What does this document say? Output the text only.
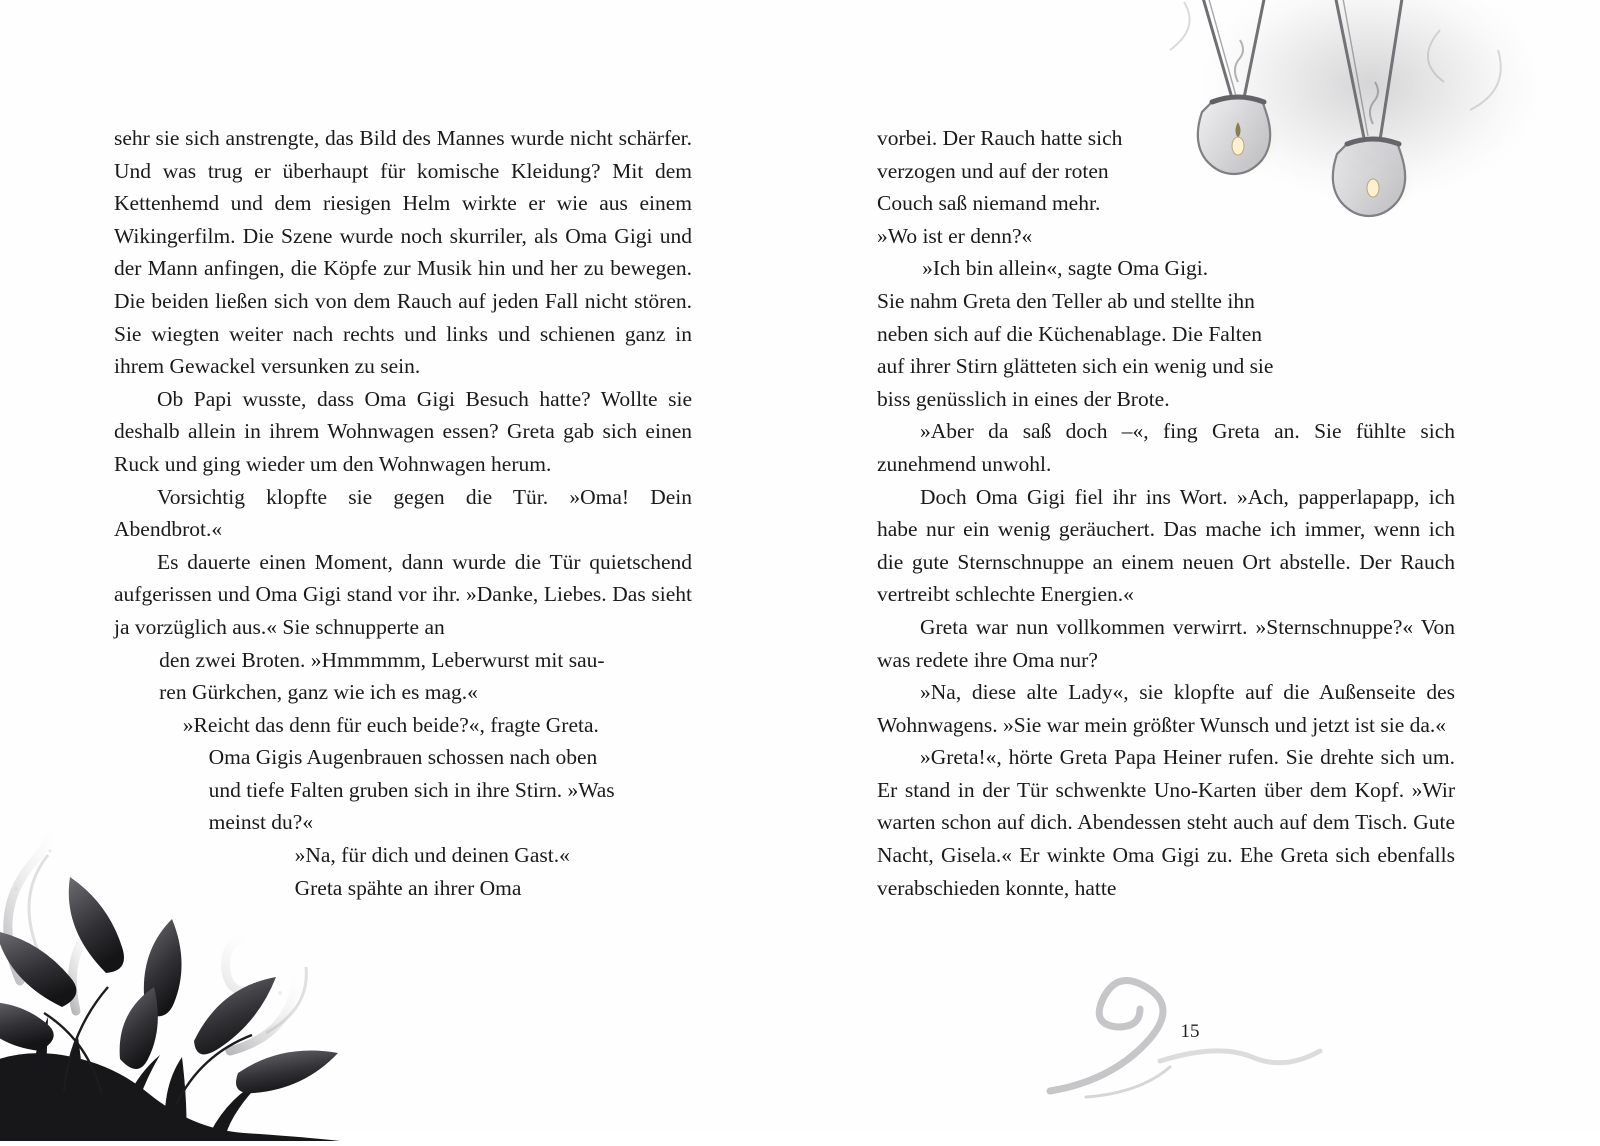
sehr sie sich anstrengte, das Bild des Mannes wurde nicht schärfer. Und was trug er überhaupt für komische Kleidung? Mit dem Kettenhemd und dem riesigen Helm wirkte er wie aus einem Wikingerfilm. Die Szene wurde noch skurriler, als Oma Gigi und der Mann anfingen, die Köpfe zur Musik hin und her zu bewegen. Die beiden ließen sich von dem Rauch auf jeden Fall nicht stören. Sie wiegten weiter nach rechts und links und schienen ganz in ihrem Gewackel versunken zu sein.

Ob Papi wusste, dass Oma Gigi Besuch hatte? Wollte sie deshalb allein in ihrem Wohnwagen essen? Greta gab sich einen Ruck und ging wieder um den Wohnwagen herum.

Vorsichtig klopfte sie gegen die Tür. »Oma! Dein Abendbrot.«

Es dauerte einen Moment, dann wurde die Tür quietschend aufgerissen und Oma Gigi stand vor ihr. »Danke, Liebes. Das sieht ja vorzüglich aus.« Sie schnupperte an

den zwei Broten. »Hmmmmm, Leberwurst mit sau-
ren Gürkchen, ganz wie ich es mag.«
»Reicht das denn für euch beide?«, fragte Greta.
Oma Gigis Augenbrauen schossen nach oben
und tiefe Falten gruben sich in ihre Stirn. »Was
meinst du?«
»Na, für dich und deinen Gast.«
Greta spähte an ihrer Oma
vorbei. Der Rauch hatte sich
verzogen und auf der roten
Couch saß niemand mehr.
»Wo ist er denn?«
»Ich bin allein«, sagte Oma Gigi.
Sie nahm Greta den Teller ab und stellte ihn
neben sich auf die Küchenablage. Die Falten
auf ihrer Stirn glätteten sich ein wenig und sie
biss genüsslich in eines der Brote.

»Aber da saß doch –«, fing Greta an. Sie fühlte sich zunehmend unwohl.

Doch Oma Gigi fiel ihr ins Wort. »Ach, papperlapapp, ich habe nur ein wenig geräuchert. Das mache ich immer, wenn ich die gute Sternschnuppe an einem neuen Ort abstelle. Der Rauch vertreibt schlechte Energien.«

Greta war nun vollkommen verwirrt. »Sternschnuppe?« Von was redete ihre Oma nur?

»Na, diese alte Lady«, sie klopfte auf die Außenseite des Wohnwagens. »Sie war mein größter Wunsch und jetzt ist sie da.«

»Greta!«, hörte Greta Papa Heiner rufen. Sie drehte sich um. Er stand in der Tür schwenkte Uno-Karten über dem Kopf. »Wir warten schon auf dich. Abendessen steht auch auf dem Tisch. Gute Nacht, Gisela.« Er winkte Oma Gigi zu. Ehe Greta sich ebenfalls verabschieden konnte, hatte

15
